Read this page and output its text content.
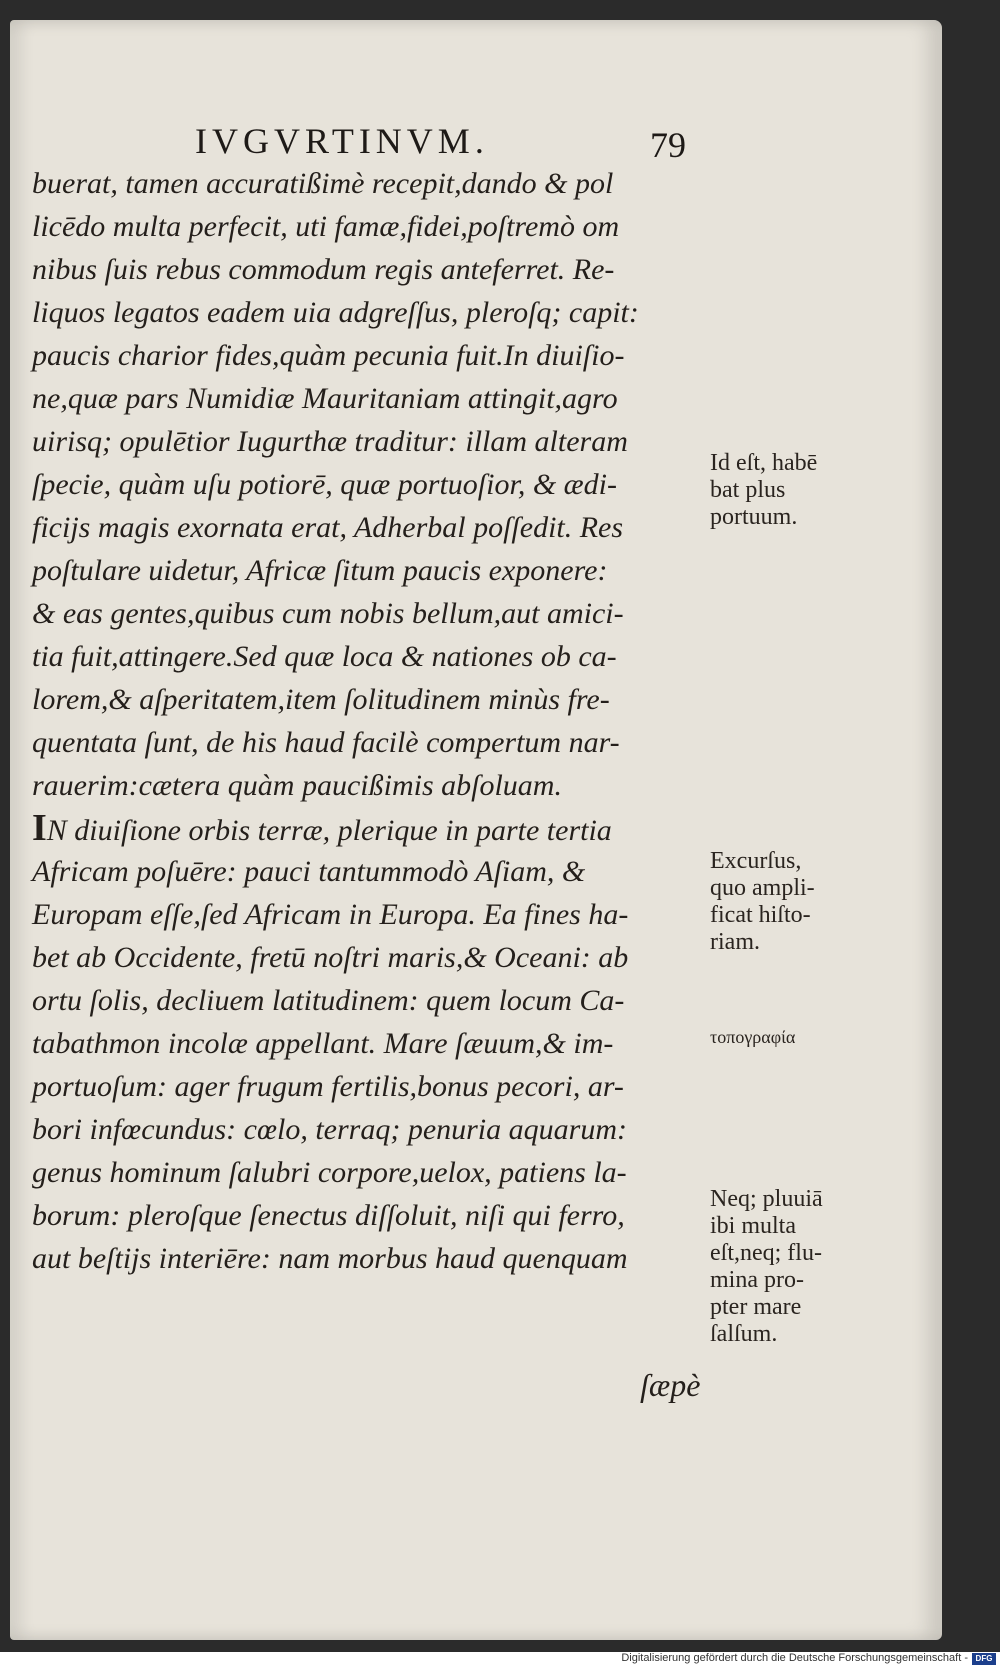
IVGVRTINVM.	79
buerat, tamen accuratißimè recepit,dando & pol
licēdo multa perfecit, uti famæ,fidei,poſtremò om
nibus ſuis rebus commodum regis anteferret. Re-
liquos legatos eadem uia adgreſſus, pleroſq; capit:
paucis charior fides,quàm pecunia fuit.In diuiſio-
ne,quæ pars Numidiæ Mauritaniam attingit,agro
uirisq; opulētior Iugurthæ traditur: illam alteram
ſpecie, quàm uſu potiorē, quæ portuoſior, & ædi-
ficijs magis exornata erat, Adherbal poſſedit. Res
poſtulare uidetur, Africæ ſitum paucis exponere:
& eas gentes,quibus cum nobis bellum,aut amici-
tia fuit,attingere.Sed quæ loca & nationes ob ca-
lorem,& aſperitatem,item ſolitudinem minùs fre-
quentata ſunt, de his haud facilè compertum nar-
rauerim:cætera quàm paucißimis abſoluam.
IN diuiſione orbis terræ, plerique in parte tertia
Africam poſuēre: pauci tantummodò Aſiam, &
Europam eſſe,ſed Africam in Europa. Ea fines ha-
bet ab Occidente, fretū noſtri maris,& Oceani: ab
ortu ſolis, decliuem latitudinem: quem locum Ca-
tabathmon incolæ appellant. Mare ſæuum,& im-
portuoſum: ager frugum fertilis,bonus pecori, ar-
bori infœcundus: cœlo, terraq; penuria aquarum:
genus hominum ſalubri corpore,uelox, patiens la-
borum: pleroſque ſenectus diſſoluit, niſi qui ferro,
aut beſtijs interiēre: nam morbus haud quenquam
ſæpè
Id eſt, habē
bat plus
portuum.
Excurſus,
quo ampli-
ficat hiſto-
riam.
τοπογραφία
Neq; pluuiā
ibi multa
eſt,neq; flu-
mina pro-
pter mare
ſalſum.
Digitalisierung gefördert durch die Deutsche Forschungsgemeinschaft - DFG
